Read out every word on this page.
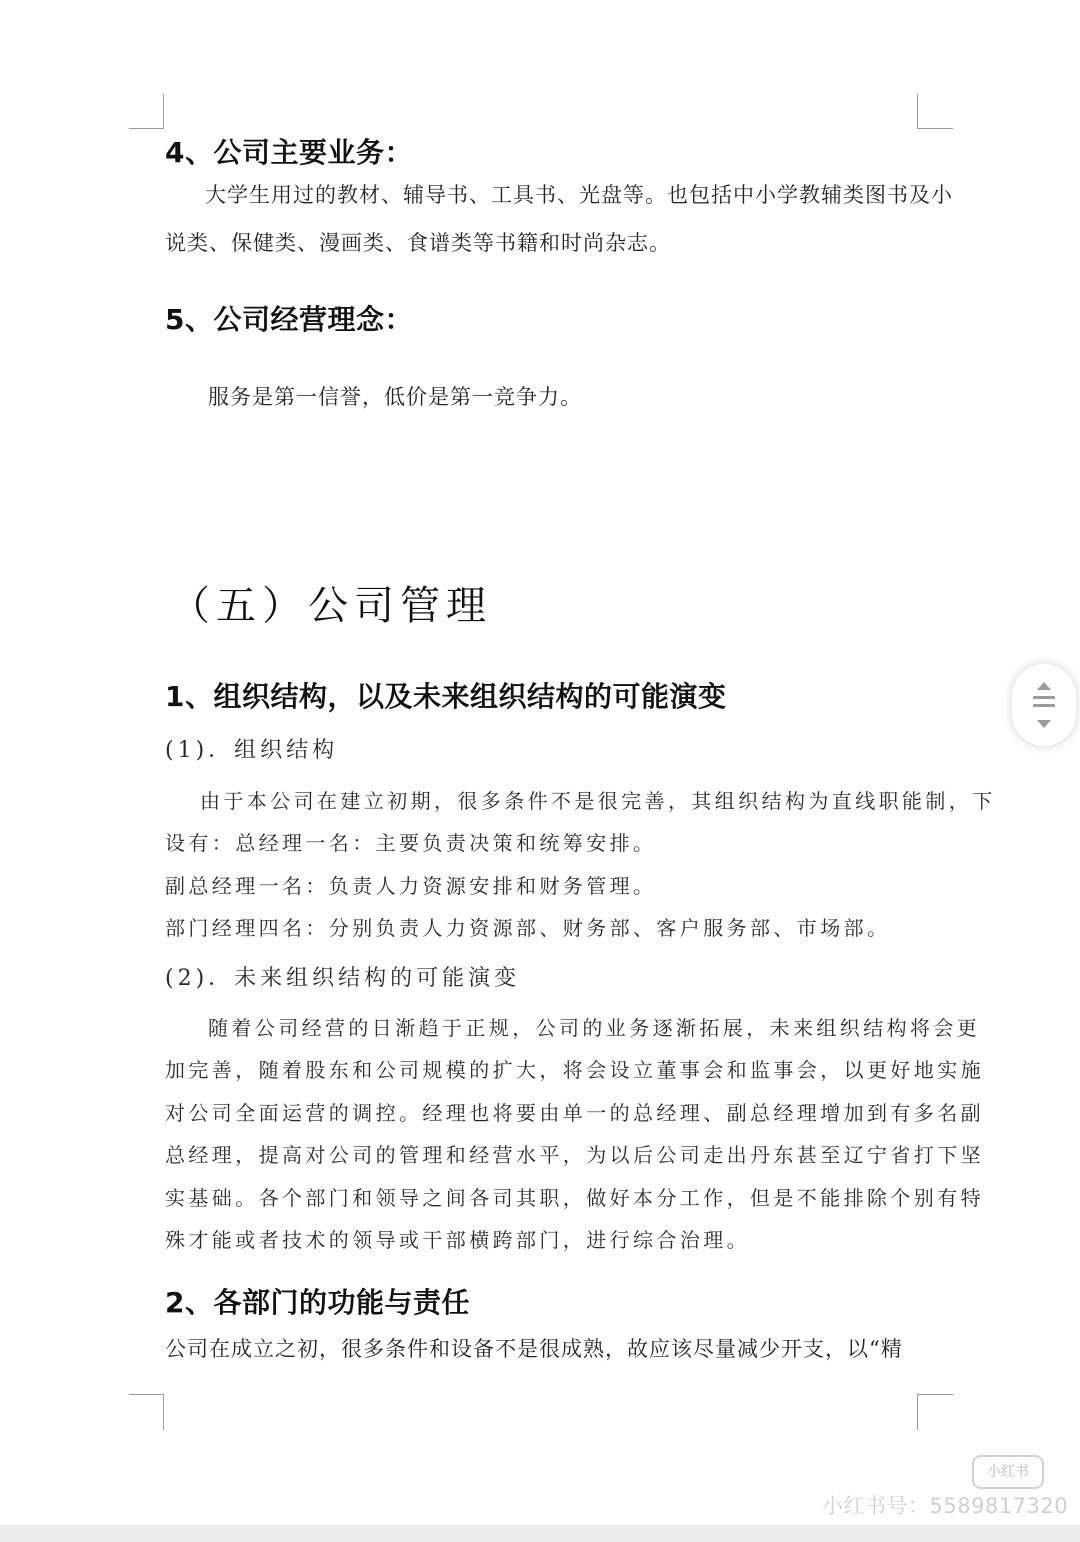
4、公司主要业务：
大学生用过的教材、辅导书、工具书、光盘等。也包括中小学教辅类图书及小
说类、保健类、漫画类、食谱类等书籍和时尚杂志。
5、公司经营理念：
服务是第一信誉，低价是第一竞争力。
（五）公司管理
1、组织结构，以及未来组织结构的可能演变
(1)．组织结构
由于本公司在建立初期，很多条件不是很完善，其组织结构为直线职能制，下
设有：总经理一名：主要负责决策和统筹安排。
副总经理一名：负责人力资源安排和财务管理。
部门经理四名：分别负责人力资源部、财务部、客户服务部、市场部。
(2)．未来组织结构的可能演变
随着公司经营的日渐趋于正规，公司的业务逐渐拓展，未来组织结构将会更
加完善，随着股东和公司规模的扩大，将会设立董事会和监事会，以更好地实施
对公司全面运营的调控。经理也将要由单一的总经理、副总经理增加到有多名副
总经理，提高对公司的管理和经营水平，为以后公司走出丹东甚至辽宁省打下坚
实基础。各个部门和领导之间各司其职，做好本分工作，但是不能排除个别有特
殊才能或者技术的领导或干部横跨部门，进行综合治理。
2、各部门的功能与责任
公司在成立之初，很多条件和设备不是很成熟，故应该尽量减少开支，以“精
小红书
小红书号：5589817320
